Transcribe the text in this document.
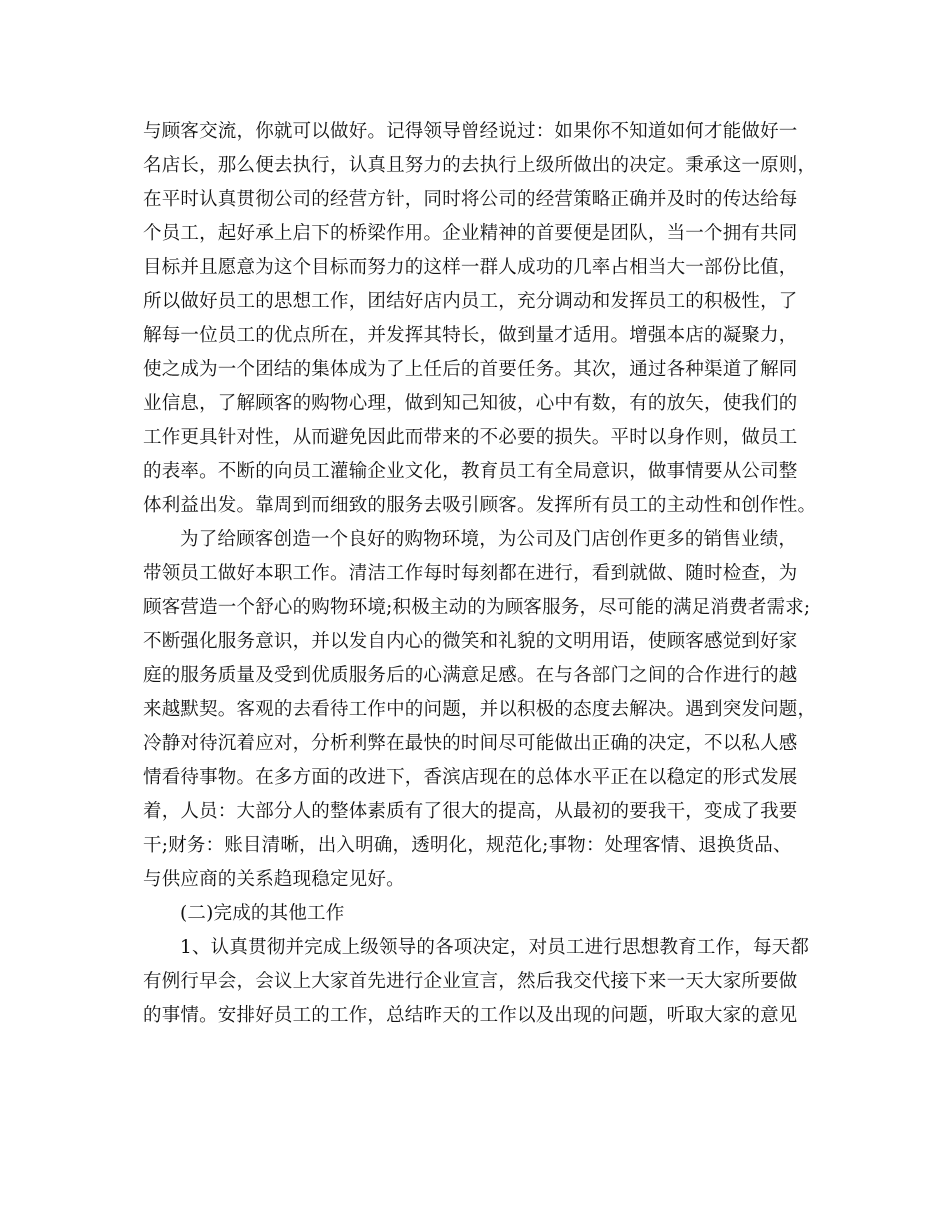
与顾客交流，你就可以做好。记得领导曾经说过：如果你不知道如何才能做好一
名店长，那么便去执行，认真且努力的去执行上级所做出的决定。秉承这一原则，
在平时认真贯彻公司的经营方针，同时将公司的经营策略正确并及时的传达给每
个员工，起好承上启下的桥梁作用。企业精神的首要便是团队，当一个拥有共同
目标并且愿意为这个目标而努力的这样一群人成功的几率占相当大一部份比值，
所以做好员工的思想工作，团结好店内员工，充分调动和发挥员工的积极性，了
解每一位员工的优点所在，并发挥其特长，做到量才适用。增强本店的凝聚力，
使之成为一个团结的集体成为了上任后的首要任务。其次，通过各种渠道了解同
业信息，了解顾客的购物心理，做到知己知彼，心中有数，有的放矢，使我们的
工作更具针对性，从而避免因此而带来的不必要的损失。平时以身作则，做员工
的表率。不断的向员工灌输企业文化，教育员工有全局意识，做事情要从公司整
体利益出发。靠周到而细致的服务去吸引顾客。发挥所有员工的主动性和创作性。
为了给顾客创造一个良好的购物环境，为公司及门店创作更多的销售业绩，
带领员工做好本职工作。清洁工作每时每刻都在进行，看到就做、随时检查，为
顾客营造一个舒心的购物环境;积极主动的为顾客服务，尽可能的满足消费者需求;
不断强化服务意识，并以发自内心的微笑和礼貌的文明用语，使顾客感觉到好家
庭的服务质量及受到优质服务后的心满意足感。在与各部门之间的合作进行的越
来越默契。客观的去看待工作中的问题，并以积极的态度去解决。遇到突发问题，
冷静对待沉着应对，分析利弊在最快的时间尽可能做出正确的决定，不以私人感
情看待事物。在多方面的改进下，香滨店现在的总体水平正在以稳定的形式发展
着，人员：大部分人的整体素质有了很大的提高，从最初的要我干，变成了我要
干;财务：账目清晰，出入明确，透明化，规范化;事物：处理客情、退换货品、
与供应商的关系趋现稳定见好。
(二)完成的其他工作
1、认真贯彻并完成上级领导的各项决定，对员工进行思想教育工作，每天都
有例行早会，会议上大家首先进行企业宣言，然后我交代接下来一天大家所要做
的事情。安排好员工的工作，总结昨天的工作以及出现的问题，听取大家的意见
